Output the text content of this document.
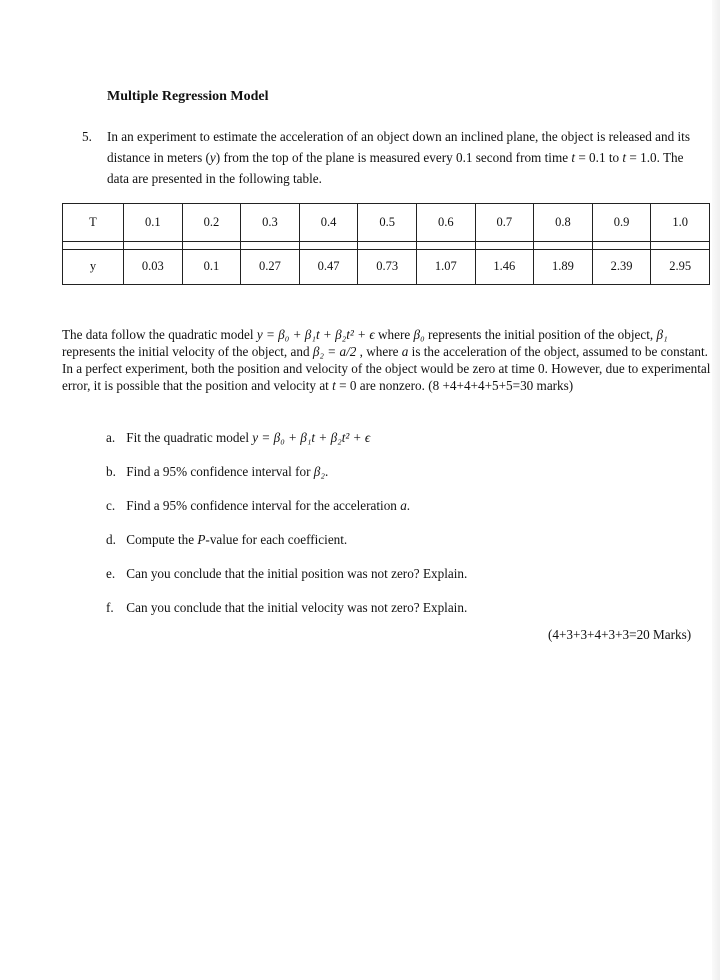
Multiple Regression Model
5.	In an experiment to estimate the acceleration of an object down an inclined plane, the object is released and its distance in meters (y) from the top of the plane is measured every 0.1 second from time t = 0.1 to t = 1.0. The data are presented in the following table.
T	0.1	0.2	0.3	0.4	0.5	0.6	0.7	0.8	0.9	1.0

y	0.03	0.1	0.27	0.47	0.73	1.07	1.46	1.89	2.39	2.95
The data follow the quadratic model y = β₀ + β₁t + β₂t² + ϵ where β₀ represents the initial position of the object, β₁ represents the initial velocity of the object, and β₂ = a/2 , where a is the acceleration of the object, assumed to be constant. In a perfect experiment, both the position and velocity of the object would be zero at time 0. However, due to experimental error, it is possible that the position and velocity at t = 0 are nonzero. (8 +4+4+4+5+5=30 marks)
a. Fit the quadratic model y = β₀ + β₁t + β₂t² + ϵ
b. Find a 95% confidence interval for β₂.
c. Find a 95% confidence interval for the acceleration a.
d. Compute the P-value for each coefficient.
e. Can you conclude that the initial position was not zero? Explain.
f. Can you conclude that the initial velocity was not zero? Explain.
(4+3+3+4+3+3=20 Marks)
